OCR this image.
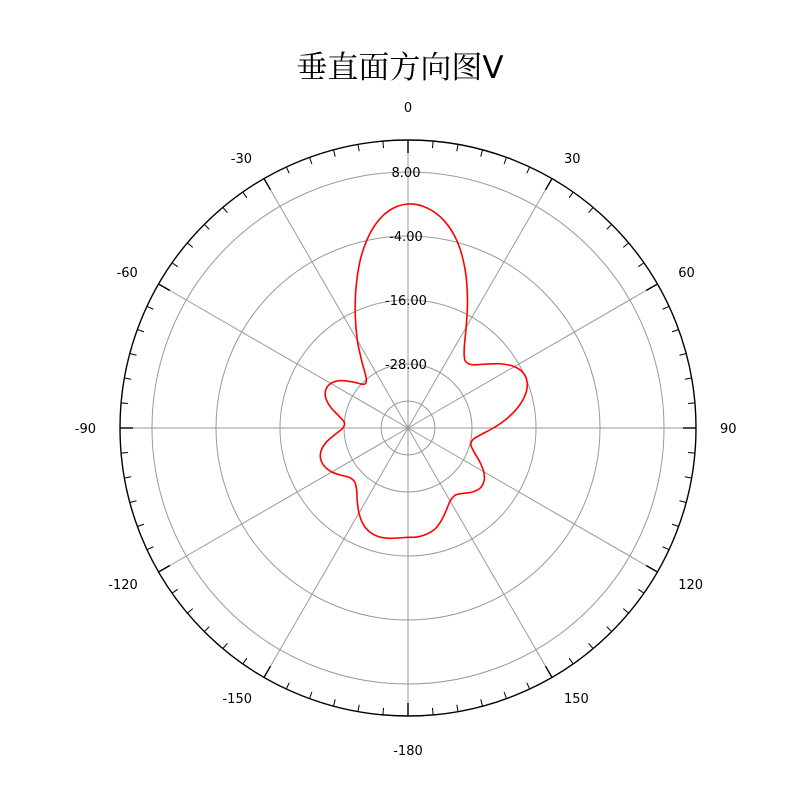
垂直面方向图V
0
30
60
90
120
150
-180
-150
-120
-90
-60
-30
8.00
-4.00
-16.00
-28.00
